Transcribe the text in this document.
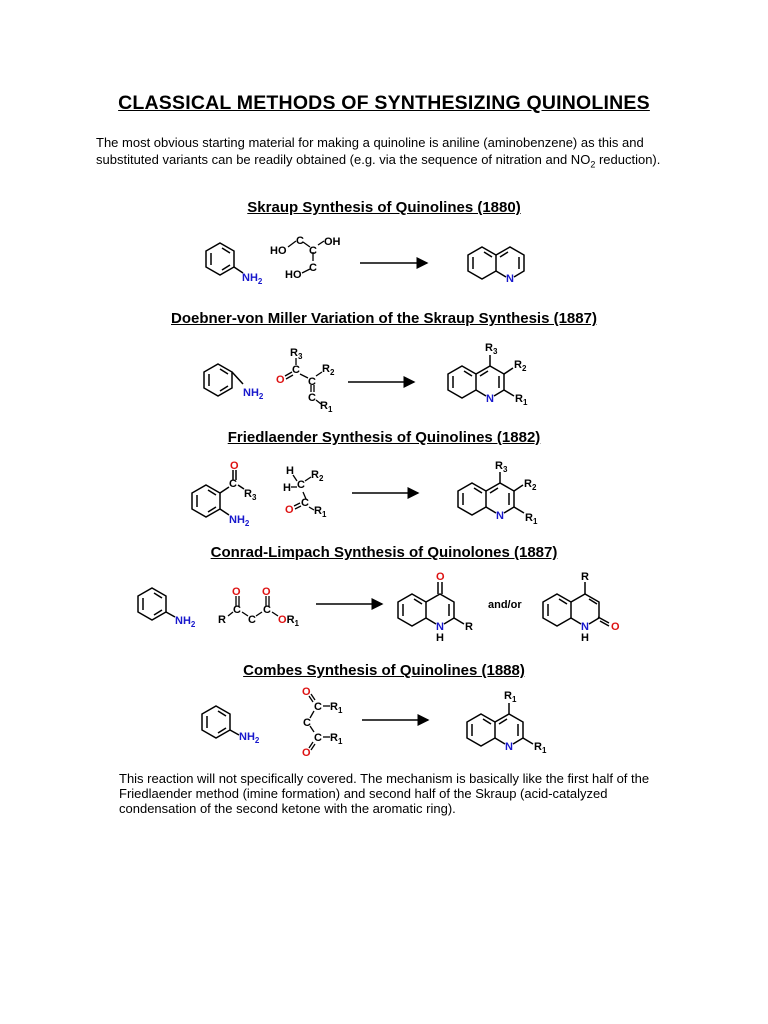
CLASSICAL METHODS OF SYNTHESIZING QUINOLINES
The most obvious starting material for making a quinoline is aniline (aminobenzene) as this and substituted variants can be readily obtained (e.g. via the sequence of nitration and $NO_2$ reduction).
Skraup Synthesis of Quinolines (1880)
$NH_2$
HO
C
C
OH
C
HO	N
Doebner-von Miller Variation of the Skraup Synthesis (1887)
$NH_2$
$R_3$
C
O C
$R_2$
C
$R_1$
N
$R_3$
$R_2$
$R_1$
Friedlaender Synthesis of Quinolines (1882)
O
C
$R_3$
$NH_2$
H
H C
$R_2$
C
O $R_1$	N
$R_3$
$R_2$
$R_1$
Conrad-Limpach Synthesis of Quinolones (1887)
$NH_2$
O O
R
C
C
C
$OR_1$
O
N
H
R
and/or
R
N
H
O
Combes Synthesis of Quinolines (1888)
$NH_2$
O
C $R_1$
C
C $R_1$
O	N
$R_1$
$R_1$
This reaction will not specifically covered. The mechanism is basically like the first half of the Friedlaender method (imine formation) and second half of the Skraup (acid-catalyzed condensation of the second ketone with the aromatic ring).
